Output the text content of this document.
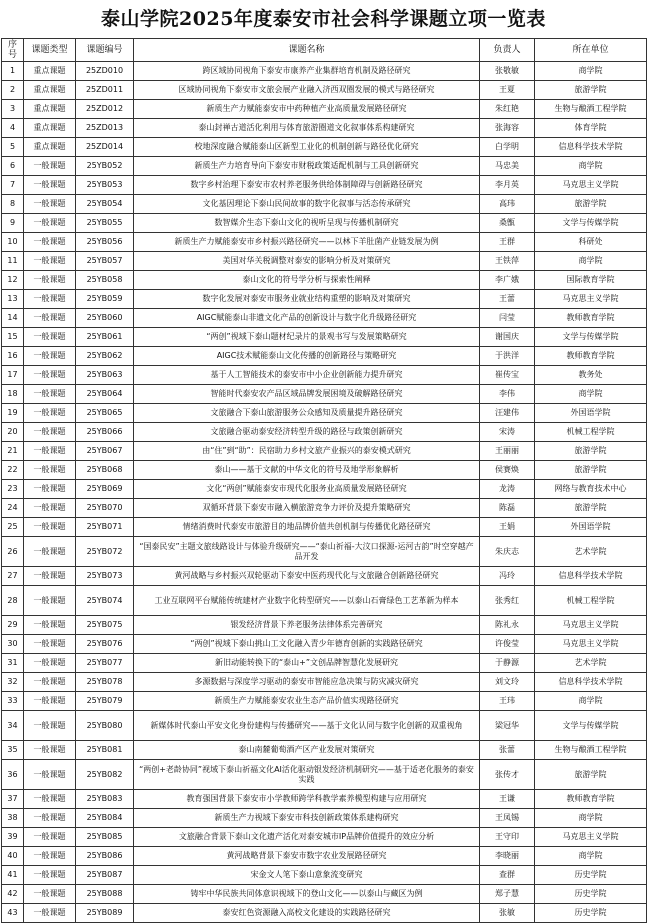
泰山学院2025年度泰安市社会科学课题立项一览表
序号	课题类型	课题编号	课题名称	负责人	所在单位
1	重点课题	25ZD010	跨区域协同视角下泰安市康养产业集群培育机制及路径研究	张敬敏	商学院
2	重点课题	25ZD011	区域协同视角下泰安市文旅会展产业融入济西双圈发展的模式与路径研究	王夏	旅游学院
3	重点课题	25ZD012	新质生产力赋能泰安市中药种植产业高质量发展路径研究	朱红艳	生物与酿酒工程学院
4	重点课题	25ZD013	泰山封禅古道活化利用与体育旅游圈道文化叙事体系构建研究	张海容	体育学院
5	重点课题	25ZD014	校地深度融合赋能泰山区新型工业化的机制创新与路径优化研究	白学明	信息科学技术学院
6	一般课题	25YB052	新质生产力培育导向下泰安市财税政策适配机制与工具创新研究	马忠美	商学院
7	一般课题	25YB053	数字乡村治理下泰安市农村养老服务供给体制障碍与创新路径研究	李月英	马克思主义学院
8	一般课题	25YB054	文化基因理论下泰山民间故事的数字化叙事与活态传承研究	高玮	旅游学院
9	一般课题	25YB055	数智媒介生态下泰山文化的视听呈现与传播机制研究	桑甑	文学与传媒学院
10	一般课题	25YB056	新质生产力赋能泰安市乡村振兴路径研究——以林下羊肚菌产业链发展为例	王群	科研处
11	一般课题	25YB057	美国对华关税调整对泰安的影响分析及对策研究	王铁萍	商学院
12	一般课题	25YB058	泰山文化的符号学分析与探索性阐释	李广娥	国际教育学院
13	一般课题	25YB059	数字化发展对泰安市服务业就业结构重塑的影响及对策研究	王蕾	马克思主义学院
14	一般课题	25YB060	AIGC赋能泰山非遗文化产品的创新设计与数字化升级路径研究	闫莹	教师教育学院
15	一般课题	25YB061	“两创”视域下泰山题材纪录片的景观书写与发展策略研究	谢国庆	文学与传媒学院
16	一般课题	25YB062	AIGC技术赋能泰山文化传播的创新路径与策略研究	于洪洋	教师教育学院
17	一般课题	25YB063	基于人工智能技术的泰安市中小企业创新能力提升研究	崔传宝	教务处
18	一般课题	25YB064	智能时代泰安农产品区域品牌发展困境及破解路径研究	李伟	商学院
19	一般课题	25YB065	文旅融合下泰山旅游服务公众感知及质量提升路径研究	汪建伟	外国语学院
20	一般课题	25YB066	文旅融合驱动泰安经济转型升级的路径与政策创新研究	宋涛	机械工程学院
21	一般课题	25YB067	由“住”到“助”：民宿助力乡村文旅产业振兴的泰安模式研究	王丽丽	旅游学院
22	一般课题	25YB068	泰山——基于文献的中华文化的符号及地学形象解析	侯赛焕	旅游学院
23	一般课题	25YB069	文化“两创”赋能泰安市现代化服务业高质量发展路径研究	龙涛	网络与教育技术中心
24	一般课题	25YB070	双循环背景下泰安市融入横旅游竞争力评价及提升策略研究	陈磊	旅游学院
25	一般课题	25YB071	情绪消费时代泰安市旅游目的地品牌价值共创机制与传播优化路径研究	王娟	外国语学院
26	一般课题	25YB072	“国泰民安”主题文旅线路设计与体验升级研究——“泰山祈福-大汶口探源-运河古韵”时空穿越产品开发	朱庆志	艺术学院
27	一般课题	25YB073	黄河战略与乡村振兴双轮驱动下泰安中医药现代化与文旅融合创新路径研究	冯玲	信息科学技术学院
28	一般课题	25YB074	工业互联网平台赋能传统建材产业数字化转型研究——以泰山石膏绿色工艺革新为样本	张秀红	机械工程学院
29	一般课题	25YB075	银发经济背景下养老服务法律体系完善研究	陈礼永	马克思主义学院
30	一般课题	25YB076	“两创”视域下泰山挑山工文化融入青少年德育创新的实践路径研究	许俊莹	马克思主义学院
31	一般课题	25YB077	新旧动能转换下的“泰山+”文创品牌智慧化发展研究	于静源	艺术学院
32	一般课题	25YB078	多源数据与深度学习驱动的泰安市智能应急决策与防灾减灾研究	刘文玲	信息科学技术学院
33	一般课题	25YB079	新质生产力赋能泰安农业生态产品价值实现路径研究	王玮	商学院
34	一般课题	25YB080	新媒体时代泰山平安文化身份建构与传播研究——基于文化认同与数字化创新的双重视角	梁冠华	文学与传媒学院
35	一般课题	25YB081	泰山南麓葡萄酒产区产业发展对策研究	张蕾	生物与酿酒工程学院
36	一般课题	25YB082	“两创+老龄协同”视域下泰山祈福文化AI活化驱动银发经济机制研究——基于适老化服务的泰安实践	张传才	旅游学院
37	一般课题	25YB083	教育强国背景下泰安市小学教师跨学科教学素养模型构建与应用研究	王谦	教师教育学院
38	一般课题	25YB084	新质生产力视域下泰安市科技创新政策体系建构研究	王凤锡	商学院
39	一般课题	25YB085	文旅融合背景下泰山文化遗产活化对泰安城市IP品牌价值提升的效应分析	王守印	马克思主义学院
40	一般课题	25YB086	黄河战略背景下泰安市数字农业发展路径研究	李晓丽	商学院
41	一般课题	25YB087	宋金文人笔下泰山意象流变研究	查群	历史学院
42	一般课题	25YB088	铸牢中华民族共同体意识视域下的登山文化——以泰山与藏区为例	郑子慧	历史学院
43	一般课题	25YB089	泰安红色资源融入高校文化建设的实践路径研究	张敏	历史学院
